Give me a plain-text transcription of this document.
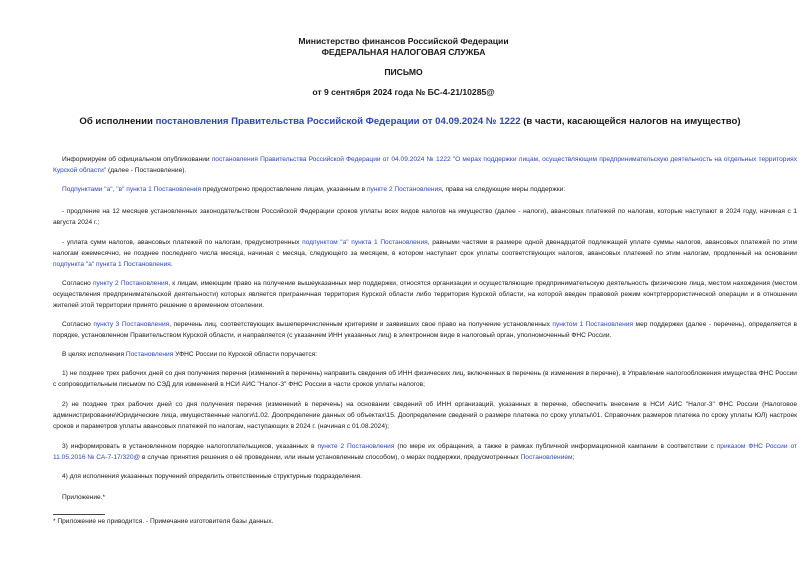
Министерство финансов Российской Федерации
ФЕДЕРАЛЬНАЯ НАЛОГОВАЯ СЛУЖБА
ПИСЬМО
от 9 сентября 2024 года № БС-4-21/10285@
Об исполнении постановления Правительства Российской Федерации от 04.09.2024 № 1222 (в части, касающейся налогов на имущество)

Информируем об официальном опубликовании постановления Правительства Российской Федерации от 04.09.2024 № 1222 "О мерах поддержки лицам, осуществляющим предпринимательскую деятельность на отдельных территориях Курской области" (далее - Постановление).

Подпунктами "а", "в" пункта 1 Постановления предусмотрено предоставление лицам, указанным в пункте 2 Постановления, права на следующие меры поддержки:

- продление на 12 месяцев установленных законодательством Российской Федерации сроков уплаты всех видов налогов на имущество (далее - налоги), авансовых платежей по налогам, которые наступают в 2024 году, начиная с 1 августа 2024 г.;

- уплата сумм налогов, авансовых платежей по налогам, предусмотренных подпунктом "а" пункта 1 Постановления, равными частями в размере одной двенадцатой подлежащей уплате суммы налогов, авансовых платежей по этим налогам ежемесячно, не позднее последнего числа месяца, начиная с месяца, следующего за месяцем, в котором наступает срок уплаты соответствующих налогов, авансовых платежей по этим налогам, продленный на основании подпункта "а" пункта 1 Постановления.

Согласно пункту 2 Постановления, к лицам, имеющим право на получение вышеуказанных мер поддержки, относятся организации и осуществляющие предпринимательскую деятельность физические лица, местом нахождения (местом осуществления предпринимательской деятельности) которых является приграничная территория Курской области либо территория Курской области, на которой введен правовой режим контртеррористической операции и в отношении жителей этой территории принято решение о временном отселении.

Согласно пункту 3 Постановления, перечень лиц, соответствующих вышеперечисленным критериям и заявивших свое право на получение установленных пунктом 1 Постановления мер поддержки (далее - перечень), определяется в порядке, установленном Правительством Курской области, и направляется (с указанием ИНН указанных лиц) в электронном виде в налоговый орган, уполномоченный ФНС России.

В целях исполнения Постановления УФНС России по Курской области поручается:

1) не позднее трех рабочих дней со дня получения перечня (изменений в перечень) направить сведения об ИНН физических лиц, включенных в перечень (в изменения в перечне), в Управление налогообложения имущества ФНС России с сопроводительным письмом по СЭД для изменений в НСИ АИС "Налог-3" ФНС России в части сроков уплаты налогов;

2) не позднее трех рабочих дней со дня получения перечня (изменений в перечень) на основании сведений об ИНН организаций, указанных в перечне, обеспечить внесение в НСИ АИС "Налог-3" ФНС России (Налоговое администрирование\Юридические лица, имущественные налоги\1.02. Доопределение данных об объектах\15. Доопределение сведений о размере платежа по сроку уплаты\01. Справочник размеров платежа по сроку уплаты ЮЛ) настроек сроков и параметров уплаты авансовых платежей по налогам, наступающих в 2024 г. (начиная с 01.08.2024);

3) информировать в установленном порядке налогоплательщиков, указанных в пункте 2 Постановления (по мере их обращения, а также в рамках публичной информационной кампании в соответствии с приказом ФНС России от 11.05.2016 № СА-7-17/320@ в случае принятия решения о её проведении, или иным установленным способом), о мерах поддержки, предусмотренных Постановлением;

4) для исполнения указанных поручений определить ответственные структурные подразделения.

Приложение.*

* Приложение не приводится. - Примечание изготовителя базы данных.
